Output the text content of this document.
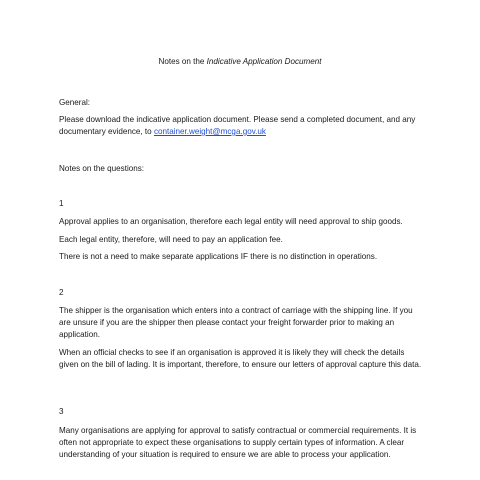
Notes on the Indicative Application Document
General:
Please download the indicative application document. Please send a completed document, and any documentary evidence, to container.weight@mcga.gov.uk
Notes on the questions:
1
Approval applies to an organisation, therefore each legal entity will need approval to ship goods.
Each legal entity, therefore, will need to pay an application fee.
There is not a need to make separate applications IF there is no distinction in operations.
2
The shipper is the organisation which enters into a contract of carriage with the shipping line. If you are unsure if you are the shipper then please contact your freight forwarder prior to making an application.
When an official checks to see if an organisation is approved it is likely they will check the details given on the bill of lading. It is important, therefore, to ensure our letters of approval capture this data.
3
Many organisations are applying for approval to satisfy contractual or commercial requirements. It is often not appropriate to expect these organisations to supply certain types of information. A clear understanding of your situation is required to ensure we are able to process your application.
